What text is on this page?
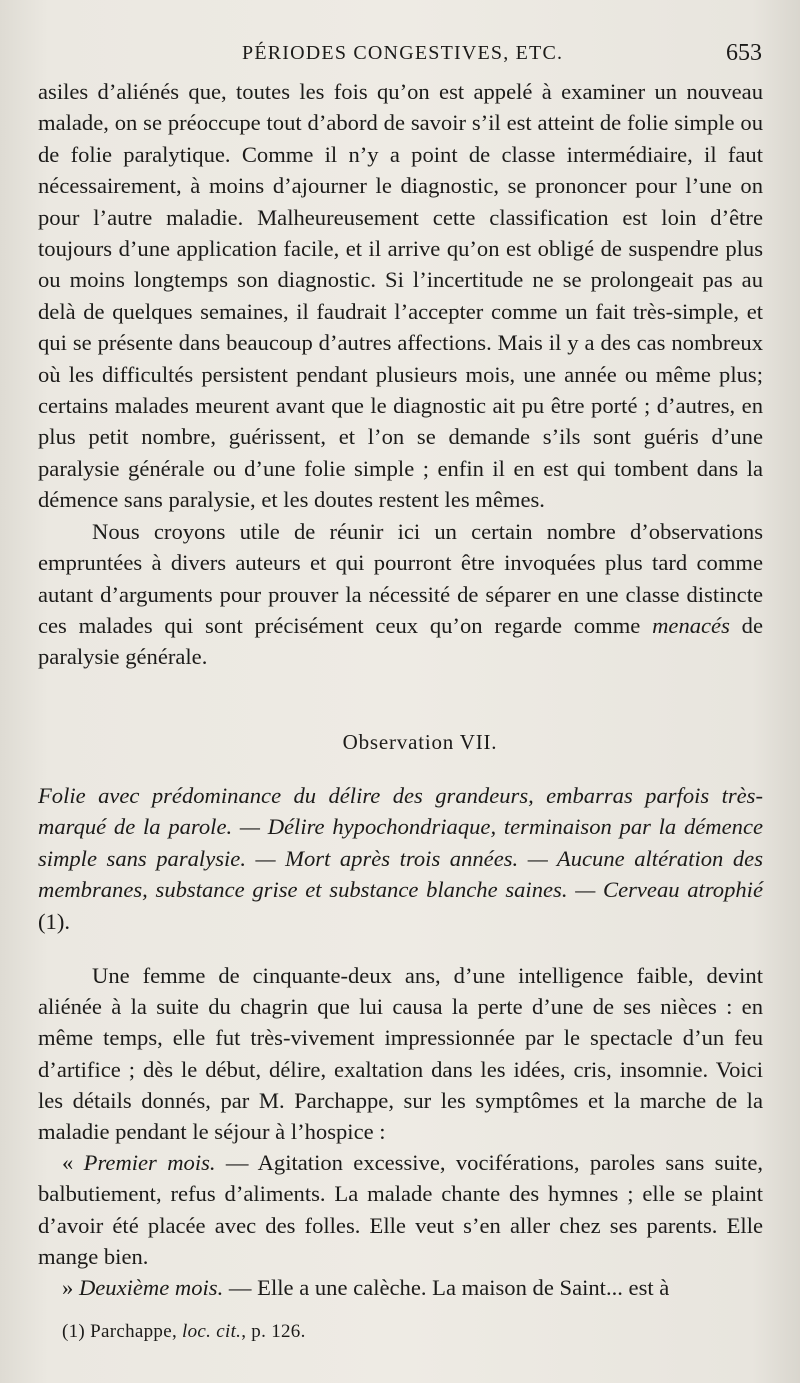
PÉRIODES CONGESTIVES, ETC.	653

asiles d’aliénés que, toutes les fois qu’on est appelé à examiner un nouveau malade, on se préoccupe tout d’abord de savoir s’il est atteint de folie simple ou de folie paralytique. Comme il n’y a point de classe intermédiaire, il faut nécessairement, à moins d’ajourner le diagnostic, se prononcer pour l’une on pour l’autre maladie. Malheureusement cette classification est loin d’être toujours d’une application facile, et il arrive qu’on est obligé de suspendre plus ou moins longtemps son diagnostic. Si l’incertitude ne se prolongeait pas au delà de quelques semaines, il faudrait l’accepter comme un fait très-simple, et qui se présente dans beaucoup d’autres affections. Mais il y a des cas nombreux où les difficultés persistent pendant plusieurs mois, une année ou même plus; certains malades meurent avant que le diagnostic ait pu être porté ; d’autres, en plus petit nombre, guérissent, et l’on se demande s’ils sont guéris d’une paralysie générale ou d’une folie simple ; enfin il en est qui tombent dans la démence sans paralysie, et les doutes restent les mêmes.

Nous croyons utile de réunir ici un certain nombre d’observations empruntées à divers auteurs et qui pourront être invoquées plus tard comme autant d’arguments pour prouver la nécessité de séparer en une classe distincte ces malades qui sont précisément ceux qu’on regarde comme menacés de paralysie générale.

Observation VII.
Folie avec prédominance du délire des grandeurs, embarras parfois très-marqué de la parole. — Délire hypochondriaque, terminaison par la démence simple sans paralysie. — Mort après trois années. — Aucune altération des membranes, substance grise et substance blanche saines. — Cerveau atrophié (1).

Une femme de cinquante-deux ans, d’une intelligence faible, devint aliénée à la suite du chagrin que lui causa la perte d’une de ses nièces : en même temps, elle fut très-vivement impressionnée par le spectacle d’un feu d’artifice ; dès le début, délire, exaltation dans les idées, cris, insomnie. Voici les détails donnés, par M. Parchappe, sur les symptômes et la marche de la maladie pendant le séjour à l’hospice :

« Premier mois. — Agitation excessive, vociférations, paroles sans suite, balbutiement, refus d’aliments. La malade chante des hymnes ; elle se plaint d’avoir été placée avec des folles. Elle veut s’en aller chez ses parents. Elle mange bien.

» Deuxième mois. — Elle a une calèche. La maison de Saint... est à

(1) Parchappe, loc. cit., p. 126.
